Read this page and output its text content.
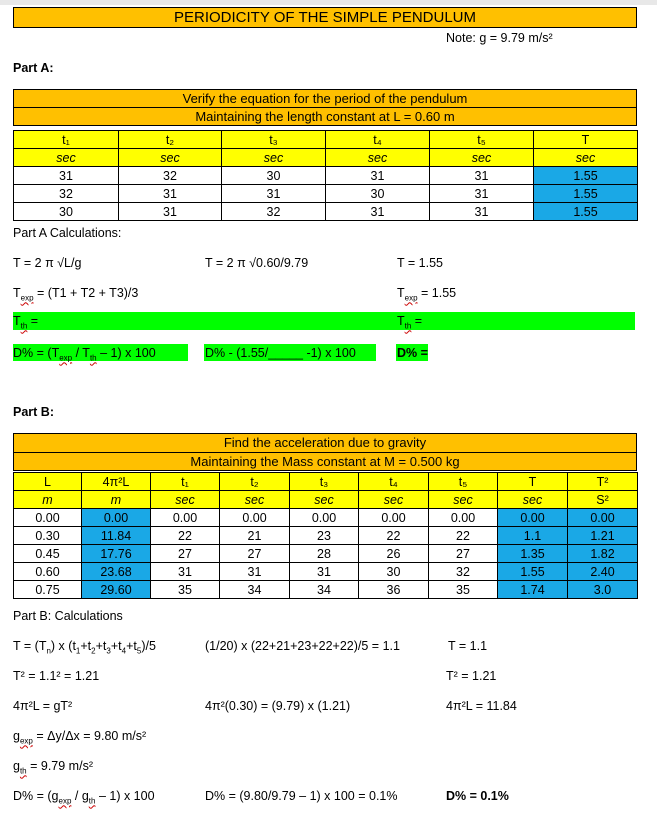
PERIODICITY OF THE SIMPLE PENDULUM
Note: g = 9.79 m/s²
Part A:
Verify the equation for the period of the pendulum
Maintaining the length constant at L = 0.60 m
t₁	t₂	t₃	t₄	t₅	T
sec	sec	sec	sec	sec	sec
31	32	30	31	31	1.55
32	31	31	30	31	1.55
30	31	32	31	31	1.55
Part A Calculations:
T = 2 π √L/g	T = 2 π √0.60/9.79	T = 1.55
$T_{exp} = (T1 + T2 + T3)/3$	$T_{exp} = 1.55$
$T_{th}$ =	$T_{th}$ =
$D\% = (T_{exp} / T_{th} - 1)$ x 100	D% - (1.55/_____ -1) x 100	D% =
Part B:
Find the acceleration due to gravity
Maintaining the Mass constant at M = 0.500 kg
L	4π²L	t₁	t₂	t₃	t₄	t₅	T	T²
m	m	sec	sec	sec	sec	sec	sec	S²
0.00	0.00	0.00	0.00	0.00	0.00	0.00	0.00	0.00
0.30	11.84	22	21	23	22	22	1.1	1.21
0.45	17.76	27	27	28	26	27	1.35	1.82
0.60	23.68	31	31	31	30	32	1.55	2.40
0.75	29.60	35	34	34	36	35	1.74	3.0
Part B: Calculations
$T = (T_n)$ x $(t_1+t_2+t_3+t_4+t_5)/5$	(1/20) x (22+21+23+22+22)/5 = 1.1	T = 1.1
T² = 1.1² = 1.21	T² = 1.21
4π²L = gT²	4π²(0.30) = (9.79) x (1.21)	4π²L = 11.84
$g_{exp} = \Delta y/\Delta x = 9.80$ m/s²
$g_{th} = 9.79$ m/s²
$D\% = (g_{exp} / g_{th} - 1)$ x 100	D% = (9.80/9.79 – 1) x 100 = 0.1%	D% = 0.1%
